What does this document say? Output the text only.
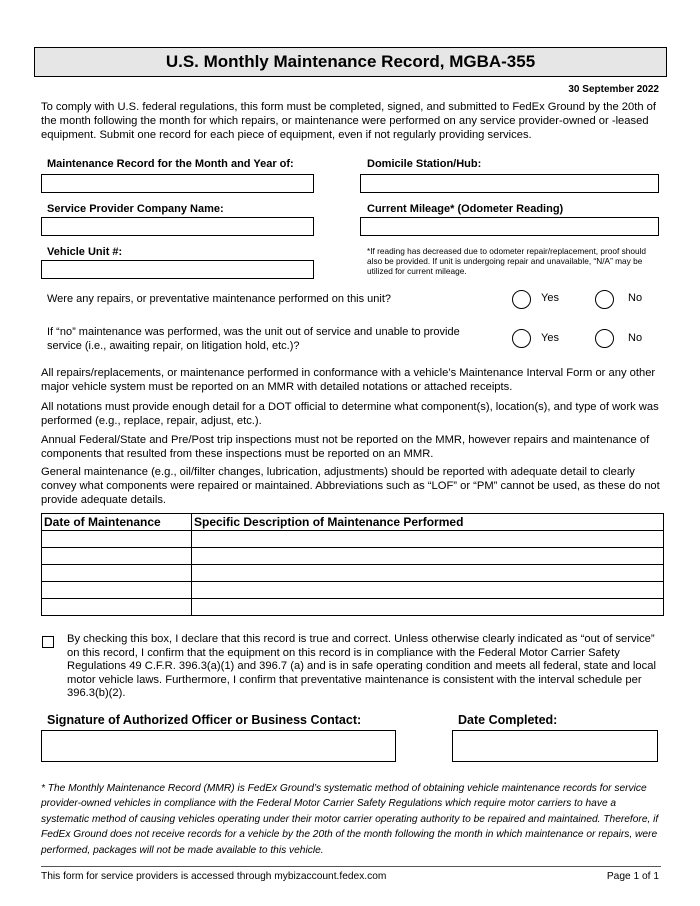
U.S. Monthly Maintenance Record, MGBA-355
30 September 2022
To comply with U.S. federal regulations, this form must be completed, signed, and submitted to FedEx Ground by the 20th of the month following the month for which repairs, or maintenance were performed on any service provider-owned or -leased equipment. Submit one record for each piece of equipment, even if not regularly providing services.
Maintenance Record for the Month and Year of:	Domicile Station/Hub:
Service Provider Company Name:	Current Mileage* (Odometer Reading)
Vehicle Unit #:	*If reading has decreased due to odometer repair/replacement, proof should also be provided. If unit is undergoing repair and unavailable, “N/A” may be utilized for current mileage.
Were any repairs, or preventative maintenance performed on this unit?	Yes	No
If “no” maintenance was performed, was the unit out of service and unable to provide service (i.e., awaiting repair, on litigation hold, etc.)?
Yes	No
All repairs/replacements, or maintenance performed in conformance with a vehicle’s Maintenance Interval Form or any other major vehicle system must be reported on an MMR with detailed notations or attached receipts.
All notations must provide enough detail for a DOT official to determine what component(s), location(s), and type of work was performed (e.g., replace, repair, adjust, etc.).
Annual Federal/State and Pre/Post trip inspections must not be reported on the MMR, however repairs and maintenance of components that resulted from these inspections must be reported on an MMR.
General maintenance (e.g., oil/filter changes, lubrication, adjustments) should be reported with adequate detail to clearly convey what components were repaired or maintained. Abbreviations such as “LOF” or “PM” cannot be used, as these do not provide adequate details.
Date of Maintenance	Specific Description of Maintenance Performed

By checking this box, I declare that this record is true and correct. Unless otherwise clearly indicated as “out of service” on this record, I confirm that the equipment on this record is in compliance with the Federal Motor Carrier Safety Regulations 49 C.F.R. 396.3(a)(1) and 396.7 (a) and is in safe operating condition and meets all federal, state and local motor vehicle laws. Furthermore, I confirm that preventative maintenance is consistent with the interval schedule per 396.3(b)(2).
Signature of Authorized Officer or Business Contact:	Date Completed:
* The Monthly Maintenance Record (MMR) is FedEx Ground’s systematic method of obtaining vehicle maintenance records for service provider-owned vehicles in compliance with the Federal Motor Carrier Safety Regulations which require motor carriers to have a systematic method of causing vehicles operating under their motor carrier operating authority to be repaired and maintained. Therefore, if FedEx Ground does not receive records for a vehicle by the 20th of the month following the month in which maintenance or repairs, were performed, packages will not be made available to this vehicle.
This form for service providers is accessed through mybizaccount.fedex.com	Page 1 of 1
